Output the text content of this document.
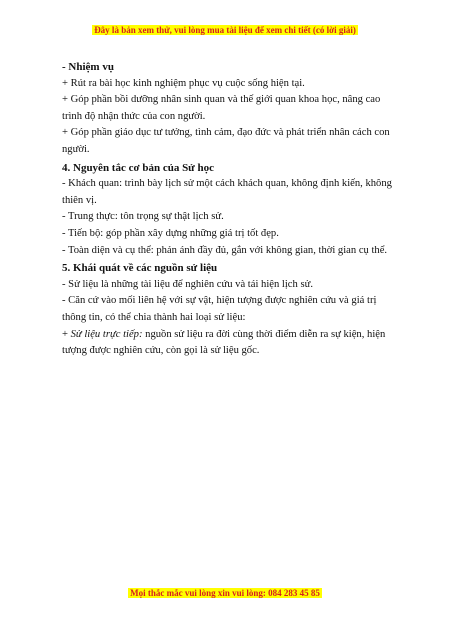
Đây là bản xem thử, vui lòng mua tài liệu để xem chi tiết (có lời giải)

- Nhiệm vụ

+ Rút ra bài học kinh nghiệm phục vụ cuộc sống hiện tại.

+ Góp phần bồi dưỡng nhân sinh quan và thế giới quan khoa học, nâng cao trình độ nhận thức của con người.

+ Góp phần giáo dục tư tưởng, tình cảm, đạo đức và phát triển nhân cách con người.

4. Nguyên tắc cơ bản của Sử học

- Khách quan: trình bày lịch sử một cách khách quan, không định kiến, không thiên vị.

- Trung thực: tôn trọng sự thật lịch sử.

- Tiến bộ: góp phần xây dựng những giá trị tốt đẹp.

- Toàn diện và cụ thể: phản ánh đầy đủ, gắn với không gian, thời gian cụ thể.

5. Khái quát về các nguồn sử liệu

- Sử liệu là những tài liệu để nghiên cứu và tái hiện lịch sử.

- Căn cứ vào mối liên hệ với sự vật, hiện tượng được nghiên cứu và giá trị thông tin, có thể chia thành hai loại sử liệu:

+ Sử liệu trực tiếp: nguồn sử liệu ra đời cùng thời điểm diễn ra sự kiện, hiện tượng được nghiên cứu, còn gọi là sử liệu gốc.

Mọi thắc mắc vui lòng xin vui lòng: 084 283 45 85
